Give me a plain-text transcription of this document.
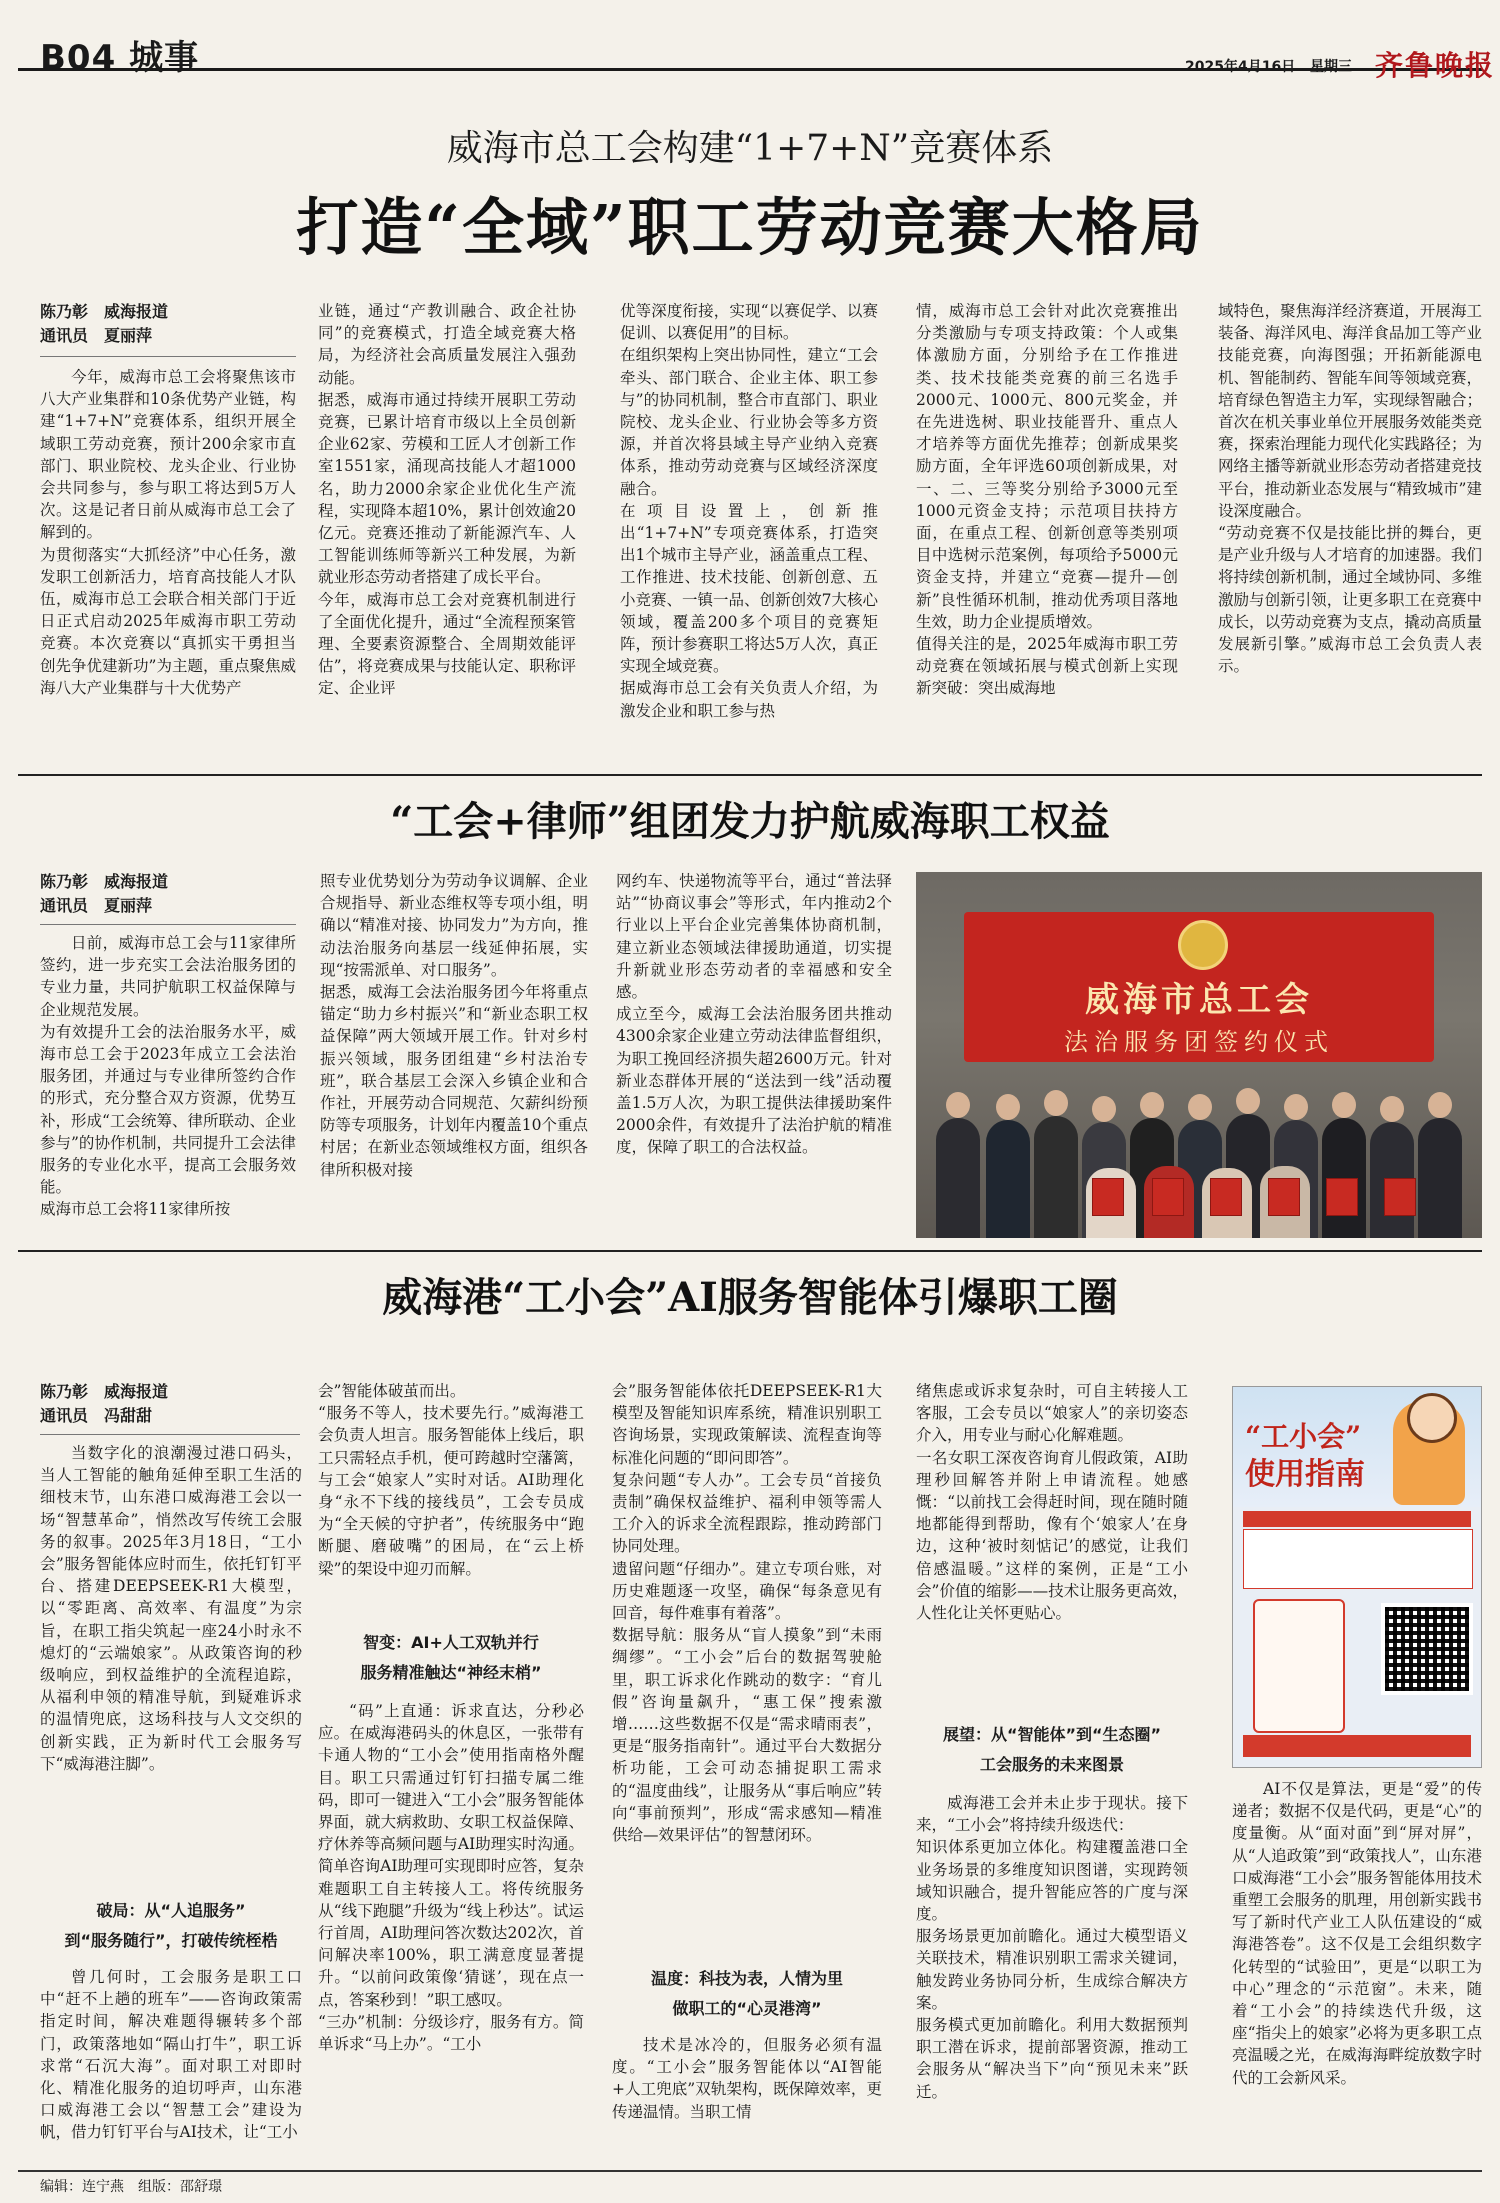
B04 城事	2025年4月16日 星期三 齐鲁晚报
威海市总工会构建“1+7+N”竞赛体系
打造“全域”职工劳动竞赛大格局
陈乃彰　威海报道
通讯员　夏丽萍

今年，威海市总工会将聚焦该市八大产业集群和10条优势产业链，构建“1+7+N”竞赛体系，组织开展全域职工劳动竞赛，预计200余家市直部门、职业院校、龙头企业、行业协会共同参与，参与职工将达到5万人次。这是记者日前从威海市总工会了解到的。
为贯彻落实“大抓经济”中心任务，激发职工创新活力，培育高技能人才队伍，威海市总工会联合相关部门于近日正式启动2025年威海市职工劳动竞赛。本次竞赛以“真抓实干勇担当　创先争优建新功”为主题，重点聚焦威海八大产业集群与十大优势产

业链，通过“产教训融合、政企社协同”的竞赛模式，打造全域竞赛大格局，为经济社会高质量发展注入强劲动能。
据悉，威海市通过持续开展职工劳动竞赛，已累计培育市级以上全员创新企业62家、劳模和工匠人才创新工作室1551家，涌现高技能人才超1000名，助力2000余家企业优化生产流程，实现降本超10%，累计创效逾20亿元。竞赛还推动了新能源汽车、人工智能训练师等新兴工种发展，为新就业形态劳动者搭建了成长平台。
今年，威海市总工会对竞赛机制进行了全面优化提升，通过“全流程预案管理、全要素资源整合、全周期效能评估”，将竞赛成果与技能认定、职称评定、企业评

优等深度衔接，实现“以赛促学、以赛促训、以赛促用”的目标。
在组织架构上突出协同性，建立“工会牵头、部门联合、企业主体、职工参与”的协同机制，整合市直部门、职业院校、龙头企业、行业协会等多方资源，并首次将县域主导产业纳入竞赛体系，推动劳动竞赛与区域经济深度融合。
在项目设置上，创新推出“1+7+N”专项竞赛体系，打造突出1个城市主导产业，涵盖重点工程、工作推进、技术技能、创新创意、五小竞赛、一镇一品、创新创效7大核心领域，覆盖200多个项目的竞赛矩阵，预计参赛职工将达5万人次，真正实现全域竞赛。
据威海市总工会有关负责人介绍，为激发企业和职工参与热

情，威海市总工会针对此次竞赛推出分类激励与专项支持政策：个人或集体激励方面，分别给予在工作推进类、技术技能类竞赛的前三名选手2000元、1000元、800元奖金，并在先进选树、职业技能晋升、重点人才培养等方面优先推荐；创新成果奖励方面，全年评选60项创新成果，对一、二、三等奖分别给予3000元至1000元资金支持；示范项目扶持方面，在重点工程、创新创意等类别项目中选树示范案例，每项给予5000元资金支持，并建立“竞赛—提升—创新”良性循环机制，推动优秀项目落地生效，助力企业提质增效。
值得关注的是，2025年威海市职工劳动竞赛在领域拓展与模式创新上实现新突破：突出威海地

域特色，聚焦海洋经济赛道，开展海工装备、海洋风电、海洋食品加工等产业技能竞赛，向海图强；开拓新能源电机、智能制药、智能车间等领域竞赛，培育绿色智造主力军，实现绿智融合；首次在机关事业单位开展服务效能类竞赛，探索治理能力现代化实践路径；为网络主播等新就业形态劳动者搭建竞技平台，推动新业态发展与“精致城市”建设深度融合。
“劳动竞赛不仅是技能比拼的舞台，更是产业升级与人才培育的加速器。我们将持续创新机制，通过全域协同、多维激励与创新引领，让更多职工在竞赛中成长，以劳动竞赛为支点，撬动高质量发展新引擎。”威海市总工会负责人表示。

“工会+律师”组团发力护航威海职工权益
陈乃彰　威海报道
通讯员　夏丽萍

日前，威海市总工会与11家律所签约，进一步充实工会法治服务团的专业力量，共同护航职工权益保障与企业规范发展。
为有效提升工会的法治服务水平，威海市总工会于2023年成立工会法治服务团，并通过与专业律所签约合作的形式，充分整合双方资源，优势互补，形成“工会统筹、律所联动、企业参与”的协作机制，共同提升工会法律服务的专业化水平，提高工会服务效能。
威海市总工会将11家律所按

照专业优势划分为劳动争议调解、企业合规指导、新业态维权等专项小组，明确以“精准对接、协同发力”为方向，推动法治服务向基层一线延伸拓展，实现“按需派单、对口服务”。
据悉，威海工会法治服务团今年将重点锚定“助力乡村振兴”和“新业态职工权益保障”两大领域开展工作。针对乡村振兴领域，服务团组建“乡村法治专班”，联合基层工会深入乡镇企业和合作社，开展劳动合同规范、欠薪纠纷预防等专项服务，计划年内覆盖10个重点村居；在新业态领域维权方面，组织各律所积极对接

网约车、快递物流等平台，通过“普法驿站”“协商议事会”等形式，年内推动2个行业以上平台企业完善集体协商机制，建立新业态领域法律援助通道，切实提升新就业形态劳动者的幸福感和安全感。
成立至今，威海工会法治服务团共推动4300余家企业建立劳动法律监督组织，为职工挽回经济损失超2600万元。针对新业态群体开展的“送法到一线”活动覆盖1.5万人次，为职工提供法律援助案件2000余件，有效提升了法治护航的精准度，保障了职工的合法权益。

威海市总工会
法治服务团签约仪式
威海港“工小会”AI服务智能体引爆职工圈
陈乃彰　威海报道
通讯员　冯甜甜

当数字化的浪潮漫过港口码头，当人工智能的触角延伸至职工生活的细枝末节，山东港口威海港工会以一场“智慧革命”，悄然改写传统工会服务的叙事。2025年3月18日，“工小会”服务智能体应时而生，依托钉钉平台、搭建DEEPSEEK-R1大模型，以“零距离、高效率、有温度”为宗旨，在职工指尖筑起一座24小时永不熄灯的“云端娘家”。从政策咨询的秒级响应，到权益维护的全流程追踪，从福利申领的精准导航，到疑难诉求的温情兜底，这场科技与人文交织的创新实践，正为新时代工会服务写下“威海港注脚”。

破局：从“人追服务”
到“服务随行”，打破传统桎梏

曾几何时，工会服务是职工口中“赶不上趟的班车”——咨询政策需指定时间，解决难题得辗转多个部门，政策落地如“隔山打牛”，职工诉求常“石沉大海”。面对职工对即时化、精准化服务的迫切呼声，山东港口威海港工会以“智慧工会”建设为帆，借力钉钉平台与AI技术，让“工小

会”智能体破茧而出。
“服务不等人，技术要先行。”威海港工会负责人坦言。服务智能体上线后，职工只需轻点手机，便可跨越时空藩篱，与工会“娘家人”实时对话。AI助理化身“永不下线的接线员”，工会专员成为“全天候的守护者”，传统服务中“跑断腿、磨破嘴”的困局，在“云上桥梁”的架设中迎刃而解。

智变：AI+人工双轨并行
服务精准触达“神经末梢”

“码”上直通：诉求直达，分秒必应。在威海港码头的休息区，一张带有卡通人物的“工小会”使用指南格外醒目。职工只需通过钉钉扫描专属二维码，即可一键进入“工小会”服务智能体界面，就大病救助、女职工权益保障、疗休养等高频问题与AI助理实时沟通。简单咨询AI助理可实现即时应答，复杂难题职工自主转接人工。将传统服务从“线下跑腿”升级为“线上秒达”。试运行首周，AI助理问答次数达202次，首问解决率100%，职工满意度显著提升。“以前问政策像‘猜谜’，现在点一点，答案秒到！”职工感叹。
“三办”机制：分级诊疗，服务有方。简单诉求“马上办”。“工小

会”服务智能体依托DEEPSEEK-R1大模型及智能知识库系统，精准识别职工咨询场景，实现政策解读、流程查询等标准化问题的“即问即答”。
复杂问题“专人办”。工会专员“首接负责制”确保权益维护、福利申领等需人工介入的诉求全流程跟踪，推动跨部门协同处理。
遗留问题“仔细办”。建立专项台账，对历史难题逐一攻坚，确保“每条意见有回音，每件难事有着落”。
数据导航：服务从“盲人摸象”到“未雨绸缪”。“工小会”后台的数据驾驶舱里，职工诉求化作跳动的数字：“育儿假”咨询量飙升，“惠工保”搜索激增……这些数据不仅是“需求晴雨表”，更是“服务指南针”。通过平台大数据分析功能，工会可动态捕捉职工需求的“温度曲线”，让服务从“事后响应”转向“事前预判”，形成“需求感知—精准供给—效果评估”的智慧闭环。

温度：科技为表，人情为里
做职工的“心灵港湾”

技术是冰冷的，但服务必须有温度。“工小会”服务智能体以“AI智能+人工兜底”双轨架构，既保障效率，更传递温情。当职工情

绪焦虑或诉求复杂时，可自主转接人工客服，工会专员以“娘家人”的亲切姿态介入，用专业与耐心化解难题。
一名女职工深夜咨询育儿假政策，AI助理秒回解答并附上申请流程。她感慨：“以前找工会得赶时间，现在随时随地都能得到帮助，像有个‘娘家人’在身边，这种‘被时刻惦记’的感觉，让我们倍感温暖。”这样的案例，正是“工小会”价值的缩影——技术让服务更高效，人性化让关怀更贴心。

展望：从“智能体”到“生态圈”
工会服务的未来图景

威海港工会并未止步于现状。接下来，“工小会”将持续升级迭代：
知识体系更加立体化。构建覆盖港口全业务场景的多维度知识图谱，实现跨领域知识融合，提升智能应答的广度与深度。
服务场景更加前瞻化。通过大模型语义关联技术，精准识别职工需求关键词，触发跨业务协同分析，生成综合解决方案。
服务模式更加前瞻化。利用大数据预判职工潜在诉求，提前部署资源，推动工会服务从“解决当下”向“预见未来”跃迁。

“工小会”
使用指南

AI不仅是算法，更是“爱”的传递者；数据不仅是代码，更是“心”的度量衡。从“面对面”到“屏对屏”，从“人追政策”到“政策找人”，山东港口威海港“工小会”服务智能体用技术重塑工会服务的肌理，用创新实践书写了新时代产业工人队伍建设的“威海港答卷”。这不仅是工会组织数字化转型的“试验田”，更是“以职工为中心”理念的“示范窗”。未来，随着“工小会”的持续迭代升级，这座“指尖上的娘家”必将为更多职工点亮温暖之光，在威海海畔绽放数字时代的工会新风采。

编辑：连宁燕　组版：邵舒璟
